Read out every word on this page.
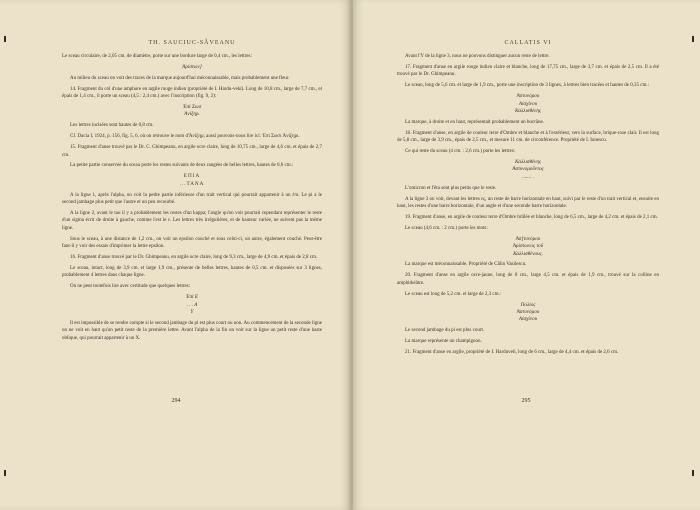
TH. SAUCIUC-SĂVEANU

Le sceau circulaire, de 2,05 cm. de diamètre, porte sur une bordure large de 0,4 cm., les lettres:

Ἀρίστων]

Au milieu du sceau on voit des traces de la marque aujourd'hui méconnaissable, mais probablement une fleur.

14. Fragment du col d'une amphore en argile rouge indien (propriété de I. Hardu-veki). Long de 10,8 cm., large de 7,7 cm., et épais de 1,4 cm., il porte un sceau (4,5 : 2,4 cm.) avec l'inscription (fig. 9, 2):

Ἐπὶ Σωσ
Ἀνίξηρ.

Les lettres incisées sont hautes de 0,8 cm.

Cf. Dacia I, 1924, p. 156, fig. 5, 6, où on retrouve le nom d'Ἀνίξηρ; aussi pouvons-nous lire ici: Ἐπὶ Σωσι Ἀνίξηρι.

15. Fragment d'anse trouvé par le Dr. C. Ghimpeanu, en argile ocre claire, long de 10,75 cm., large de 4,6 cm. et épais de 2,7 cm.

La petite partie conservée du sceau porte les restes suivants de deux rangées de belles lettres, hautes de 0,6 cm.:

ΕΠΙΑ
...ΤΑΝΑ

A la ligne 1, après l'alpha, on voit la petite partie inférieure d'un trait vertical qui pourrait appartenir à un ἐπι. Le pi a le second jambage plus petit que l'autre et un peu recourbé.

A la ligne 2, avant le tau il y a probablement les restes d'un kappa; l'angle qu'on voit pourrait cependant représenter le reste d'un sigma écrit de droite à gauche, comme l'est le ε. Les lettres très irrégulières, et de hauteur variée, ne suivent pas la même ligne.

Sous le sceau, à une distance de 1,2 cm., on voit un epsilon couché et sous celui-ci, un autre, également couché. Peut-être faut-il y voir des essais d'imprimer la lettre epsilon.

16. Fragment d'anse trouvé par le Dr. Ghimpeanu, en argile ocre claire, long de 9,3 cm., large de 4,9 cm. et épais de 2,8 cm.

Le sceau, intact, long de 3,9 cm. et large 1,9 cm., présente de belles lettres, hautes de 0,5 cm. et disposées sur 3 lignes, probablement 4 lettres dans chaque ligne.

On ne peut toutefois lire avec certitude que quelques lettres:

Ἐπὶ Ε
. . . Α
Υ

Il est impossible de se rendre compte si le second jambage du pi est plus court ou non. Au commencement de la seconde ligne on ne voit en haut qu'un petit reste de la première lettre. Avant l'alpha de la fin on voit sur la ligne un petit reste d'une haste oblique, qui pourrait appartenir à un Χ.

294
CALLATIS VI

Avant l'Υ de la ligne 3, nous ne pouvons distinguer aucun reste de lettre.

17. Fragment d'anse en argile rouge indien claire et blanche, long de 17,75 cm., large de 3,7 cm. et épais de 2,5 cm. Il a été trouvé par le Dr. Ghimpeanu.

Le sceau, long de 5,6 cm. et large de 1,9 cm., porte une inscription de 3 lignes, à lettres bien tracées et hautes de 0,35 cm.:

Ἀστυνόμου
Αἰσχίνου
Καλλισθένης

La marque, à droite et en haut, représentait probablement un bucrâne.

18. Fragment d'anse, en argile de couleur terre d'Ombre et blanche et à l'extérieur, vers la surface, brique-rose clair. Il est long de 5,8 cm., large de 3,9 cm., épais de 2,5 cm., et mesure 11 cm. de circonférence. Propriété de I. Ionescu.

Ce qui reste du sceau (4 cm. : 2,6 cm.) porte les lettres:

Καλλισθένης
Ἀστυνομοῦντος
....... .

L'omicron et l'êta sont plus petits que le reste.

A la ligne 3 on voit, devant les lettres ες, un reste de barre horizontale en haut, suivi par le reste d'un trait vertical et, ensuite en haut, les restes d'une barre horizontale, d'un angle et d'une seconde barre horizontale.

19. Fragment d'anse, en argile de couleur terre d'Ombre brûlée et blanche, long de 6,5 cm., large de 4,2 cm. et épais de 2,1 cm.

Le sceau (4,6 cm. : 2 cm.) porte les mots:

Ἀσ]τυνόμου
Ἀρίστωνος τοῦ
Καλλισθένους.

La marque est méconnaissable. Propriété de Călin Vasilescu.

20. Fragment d'anse en argile ocre-jaune, long de 8 cm., large 4,5 cm. et épais de 1,9 cm., trouvé sur la colline en amphithéâtre.

Le sceau est long de 5,2 cm. et large de 2,3 cm.:

Πολίος
Ἀστυνόμου
Αἰσχίνου

Le second jambage du pi est plus court.

La marque représente un champignon.

21. Fragment d'anse en argile, propriété de I. Harduveli, long de 6 cm., large de 4,4 cm. et épais de 2,6 cm.

295
